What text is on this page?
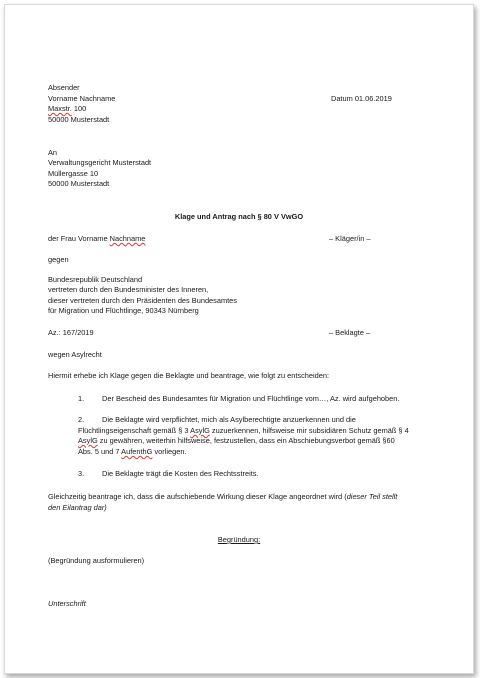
Absender
Vorname Nachname
Maxstr. 100
50000 Musterstadt
Datum 01.06.2019
An
Verwaltungsgericht Musterstadt
Müllergasse 10
50000 Musterstadt
Klage und Antrag nach § 80 V VwGO
der Frau Vorname Nachname	– Kläger/in –
gegen
Bundesrepublik Deutschland
vertreten durch den Bundesminister des Inneren,
dieser vertreten durch den Präsidenten des Bundesamtes
für Migration und Flüchtlinge, 90343 Nürnberg
Az.: 167/2019	– Beklagte –
wegen Asylrecht
Hiermit erhebe ich Klage gegen die Beklagte und beantrage, wie folgt zu entscheiden:
1. Der Bescheid des Bundesamtes für Migration und Flüchtlinge vom…, Az. wird aufgehoben.
2. Die Beklagte wird verpflichtet, mich als Asylberechtigte anzuerkennen und die
Flüchtlingseigenschaft gemäß § 3 AsylG zuzuerkennen, hilfsweise mir subsidiären Schutz gemäß § 4
AsylG zu gewähren, weiterhin hilfsweise, festzustellen, dass ein Abschiebungsverbot gemäß §60
Abs. 5 und 7 AufenthG vorliegen.
3. Die Beklagte trägt die Kosten des Rechtsstreits.
Gleichzeitig beantrage ich, dass die aufschiebende Wirkung dieser Klage angeordnet wird (dieser Teil stellt
den Eilantrag dar)
Begründung:
(Begründung ausformulieren)
Unterschrift
